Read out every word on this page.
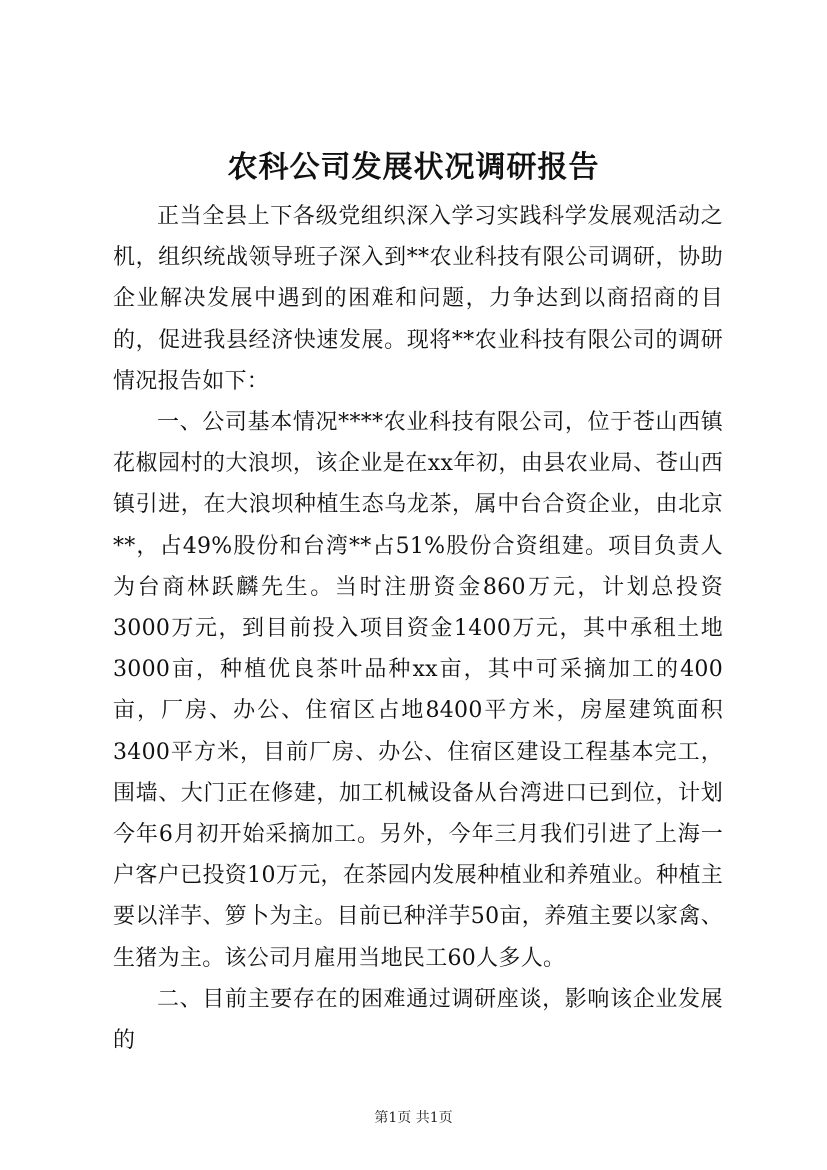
农科公司发展状况调研报告

正当全县上下各级党组织深入学习实践科学发展观活动之机，组织统战领导班子深入到**农业科技有限公司调研，协助企业解决发展中遇到的困难和问题，力争达到以商招商的目的，促进我县经济快速发展。现将**农业科技有限公司的调研情况报告如下：

一、公司基本情况****农业科技有限公司，位于苍山西镇花椒园村的大浪坝，该企业是在xx年初，由县农业局、苍山西镇引进，在大浪坝种植生态乌龙茶，属中台合资企业，由北京**，占49%股份和台湾**占51%股份合资组建。项目负责人为台商林跃麟先生。当时注册资金860万元，计划总投资3000万元，到目前投入项目资金1400万元，其中承租土地3000亩，种植优良茶叶品种xx亩，其中可采摘加工的400亩，厂房、办公、住宿区占地8400平方米，房屋建筑面积3400平方米，目前厂房、办公、住宿区建设工程基本完工，围墙、大门正在修建，加工机械设备从台湾进口已到位，计划今年6月初开始采摘加工。另外，今年三月我们引进了上海一户客户已投资10万元，在茶园内发展种植业和养殖业。种植主要以洋芋、箩卜为主。目前已种洋芋50亩，养殖主要以家禽、生猪为主。该公司月雇用当地民工60人多人。

二、目前主要存在的困难通过调研座谈，影响该企业发展的

第1页 共1页
